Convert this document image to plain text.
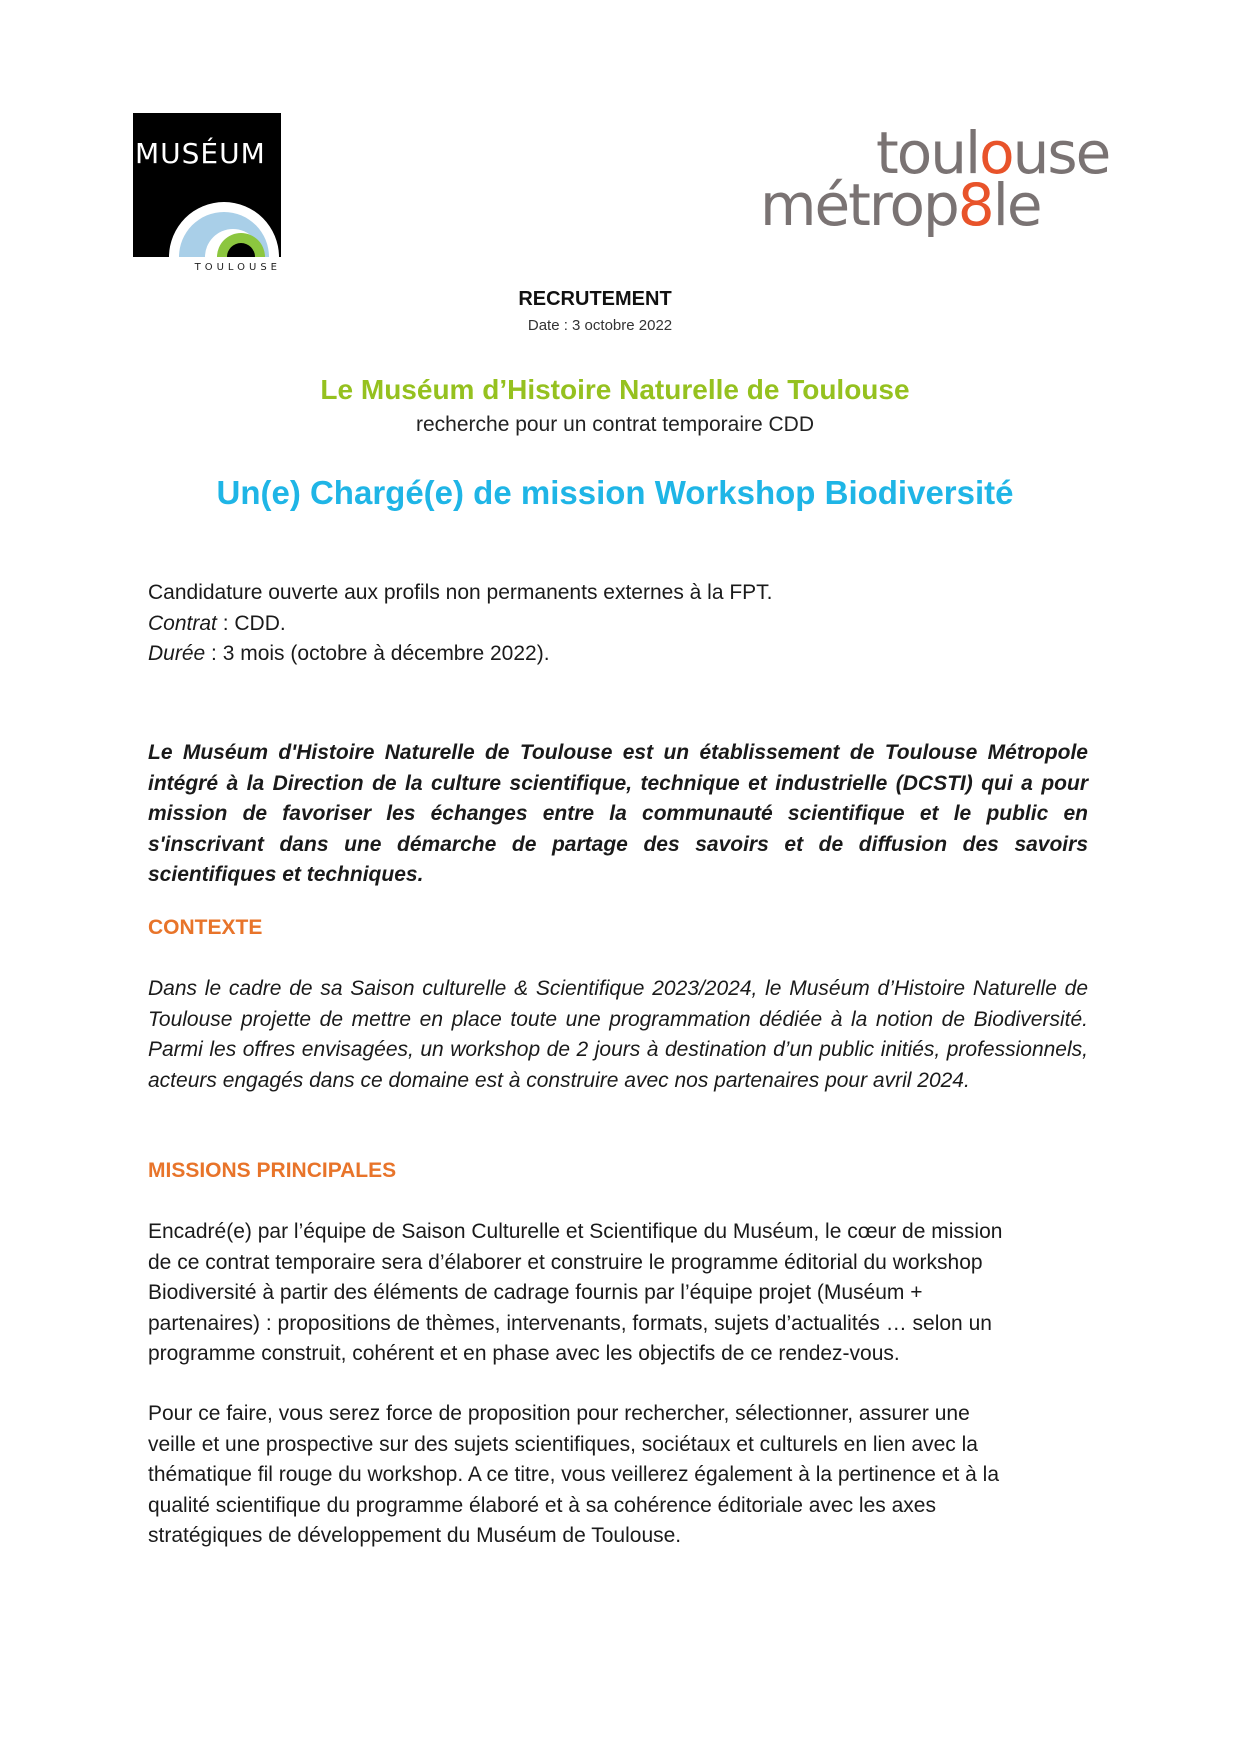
MUSÉUM
TOULOUSE
toulouse
métrop8le
RECRUTEMENT
Date : 3 octobre 2022
Le Muséum d’Histoire Naturelle de Toulouse
recherche pour un contrat temporaire CDD
Un(e) Chargé(e) de mission Workshop Biodiversité

Candidature ouverte aux profils non permanents externes à la FPT.

Contrat : CDD.

Durée : 3 mois (octobre à décembre 2022).

Le Muséum d'Histoire Naturelle de Toulouse est un établissement de Toulouse Métropole intégré à la Direction de la culture scientifique, technique et industrielle (DCSTI) qui a pour mission de favoriser les échanges entre la communauté scientifique et le public en s'inscrivant dans une démarche de partage des savoirs et de diffusion des savoirs scientifiques et techniques.

CONTEXTE

Dans le cadre de sa Saison culturelle & Scientifique 2023/2024, le Muséum d’Histoire Naturelle de Toulouse projette de mettre en place toute une programmation dédiée à la notion de Biodiversité. Parmi les offres envisagées, un workshop de 2 jours à destination d’un public initiés, professionnels, acteurs engagés dans ce domaine est à construire avec nos partenaires pour avril 2024.

MISSIONS PRINCIPALES

Encadré(e) par l’équipe de Saison Culturelle et Scientifique du Muséum, le cœur de mission

de ce contrat temporaire sera d’élaborer et construire le programme éditorial du workshop

Biodiversité à partir des éléments de cadrage fournis par l’équipe projet (Muséum +

partenaires) : propositions de thèmes, intervenants, formats, sujets d’actualités … selon un

programme construit, cohérent et en phase avec les objectifs de ce rendez-vous.

Pour ce faire, vous serez force de proposition pour rechercher, sélectionner, assurer une

veille et une prospective sur des sujets scientifiques, sociétaux et culturels en lien avec la

thématique fil rouge du workshop. A ce titre, vous veillerez également à la pertinence et à la

qualité scientifique du programme élaboré et à sa cohérence éditoriale avec les axes

stratégiques de développement du Muséum de Toulouse.
